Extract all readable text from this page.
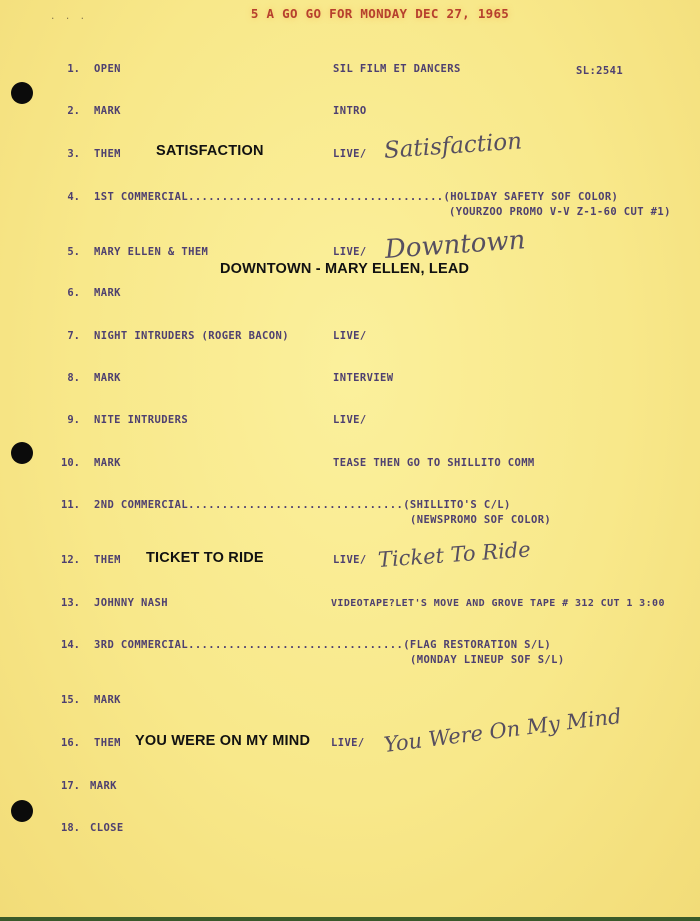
. . .	5 A GO GO FOR MONDAY DEC 27, 1965
1. OPEN	SIL FILM ET DANCERS	SL:2541
2. MARK	INTRO
3. THEM SATISFACTION	LIVE/ Satisfaction
4. 1ST COMMERCIAL......................................(HOLIDAY SAFETY SOF COLOR)
(YOURZOO PROMO V-V Z-1-60 CUT #1)
5. MARY ELLEN & THEM	LIVE/ Downtown
DOWNTOWN - MARY ELLEN, LEAD
6. MARK
7. NIGHT INTRUDERS (ROGER BACON)	LIVE/
8. MARK	INTERVIEW
9. NITE INTRUDERS	LIVE/
10. MARK	TEASE THEN GO TO SHILLITO COMM
11. 2ND COMMERCIAL................................(SHILLITO'S C/L)
(NEWSPROMO SOF COLOR)
12. THEM TICKET TO RIDE	LIVE/ Ticket To Ride
13. JOHNNY NASH	VIDEOTAPE?LET'S MOVE AND GROVE TAPE # 312 CUT 1 3:00
14. 3RD COMMERCIAL................................(FLAG RESTORATION S/L)
(MONDAY LINEUP SOF S/L)
15. MARK
16. THEM YOU WERE ON MY MIND LIVE/ You Were On My Mind
17. MARK
18. CLOSE
